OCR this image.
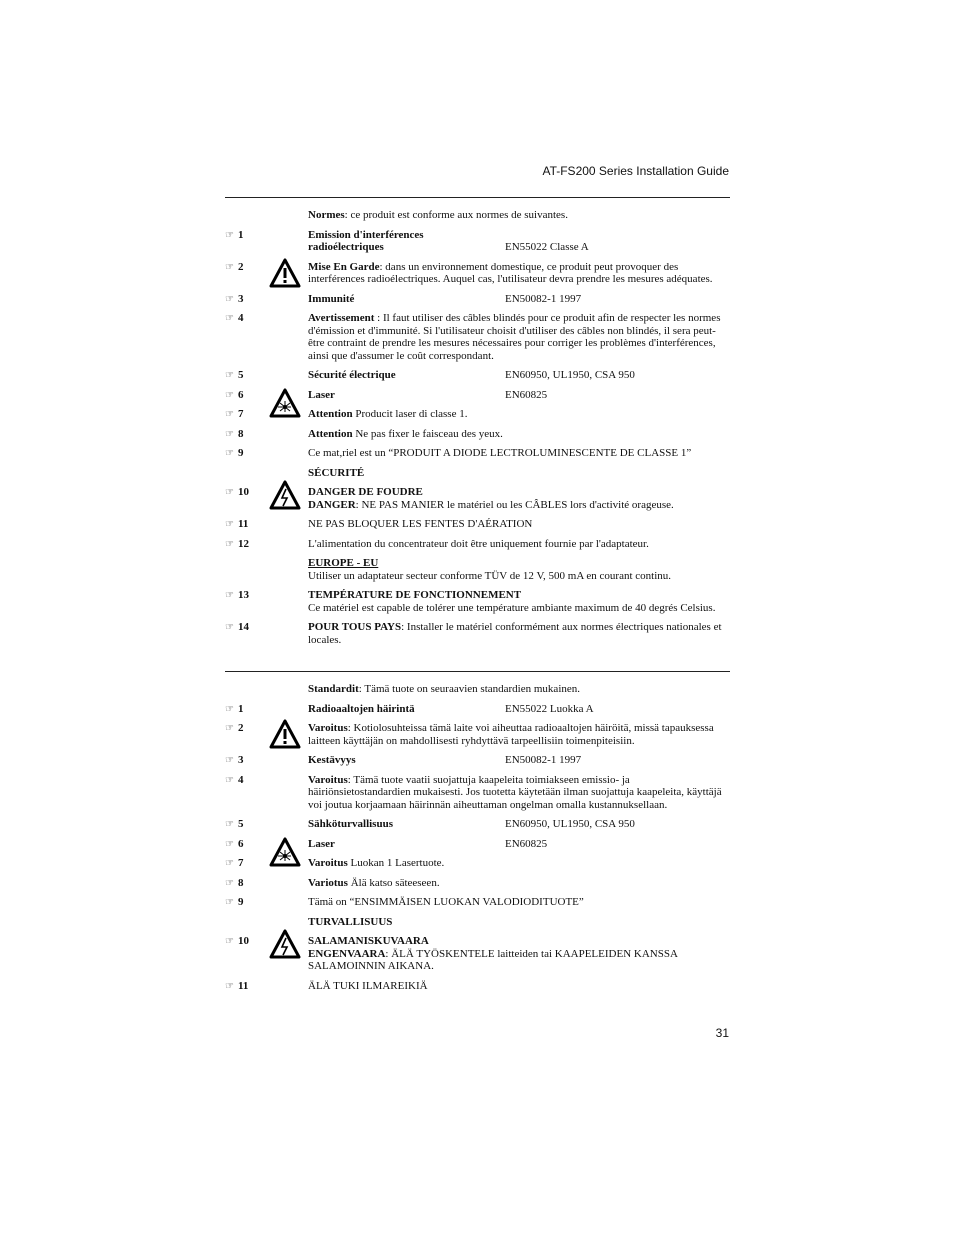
AT-FS200 Series Installation Guide
Normes: ce produit est conforme aux normes de suivantes.
☞ 1	Emission d'interférences radioélectriques	EN55022 Classe A
☞ 2	Mise En Garde: dans un environnement domestique, ce produit peut provoquer des interférences radioélectriques. Auquel cas, l'utilisateur devra prendre les mesures adéquates.
☞ 3	Immunité	EN50082-1 1997
☞ 4	Avertissement : Il faut utiliser des câbles blindés pour ce produit afin de respecter les normes d'émission et d'immunité. Si l'utilisateur choisit d'utiliser des câbles non blindés, il sera peut-être contraint de prendre les mesures nécessaires pour corriger les problèmes d'interférences, ainsi que d'assumer le coût correspondant.
☞ 5	Sécurité électrique	EN60950, UL1950, CSA 950
☞ 6	Laser	EN60825
☞ 7	Attention Producit laser di classe 1.
☞ 8	Attention Ne pas fixer le faisceau des yeux.
☞ 9	Ce mat,riel est un “PRODUIT A DIODE LECTROLUMINESCENTE DE CLASSE 1”
SÉCURITÉ
☞ 10	DANGER DE FOUDRE
DANGER: NE PAS MANIER le matériel ou les CÂBLES lors d'activité orageuse.
☞ 11	NE PAS BLOQUER LES FENTES D'AÉRATION
☞ 12	L'alimentation du concentrateur doit être uniquement fournie par l'adaptateur.
EUROPE - EU
Utiliser un adaptateur secteur conforme TÜV de 12 V, 500 mA en courant continu.
☞ 13	TEMPÉRATURE DE FONCTIONNEMENT
Ce matériel est capable de tolérer une température ambiante maximum de 40 degrés Celsius.
☞ 14	POUR TOUS PAYS: Installer le matériel conformément aux normes électriques nationales et locales.
Standardit: Tämä tuote on seuraavien standardien mukainen.
☞ 1	Radioaaltojen häirintä	EN55022 Luokka A
☞ 2	Varoitus: Kotiolosuhteissa tämä laite voi aiheuttaa radioaaltojen häiröitä, missä tapauksessa laitteen käyttäjän on mahdollisesti ryhdyttävä tarpeellisiin toimenpiteisiin.
☞ 3	Kestävyys	EN50082-1 1997
☞ 4	Varoitus: Tämä tuote vaatii suojattuja kaapeleita toimiakseen emissio- ja häiriönsietostandardien mukaisesti. Jos tuotetta käytetään ilman suojattuja kaapeleita, käyttäjä voi joutua korjaamaan häirinnän aiheuttaman ongelman omalla kustannuksellaan.
☞ 5	Sähköturvallisuus	EN60950, UL1950, CSA 950
☞ 6	Laser	EN60825
☞ 7	Varoitus Luokan 1 Lasertuote.
☞ 8	Variotus Älä katso säteeseen.
☞ 9	Tämä on “ENSIMMÄISEN LUOKAN VALODIODITUOTE”
TURVALLISUUS
☞ 10	SALAMANISKUVAARA
ENGENVAARA: ÄLÄ TYÖSKENTELE laitteiden tai KAAPELEIDEN KANSSA SALAMOINNIN AIKANA.
☞ 11	ÄLÄ TUKI ILMAREIKIÄ
31
